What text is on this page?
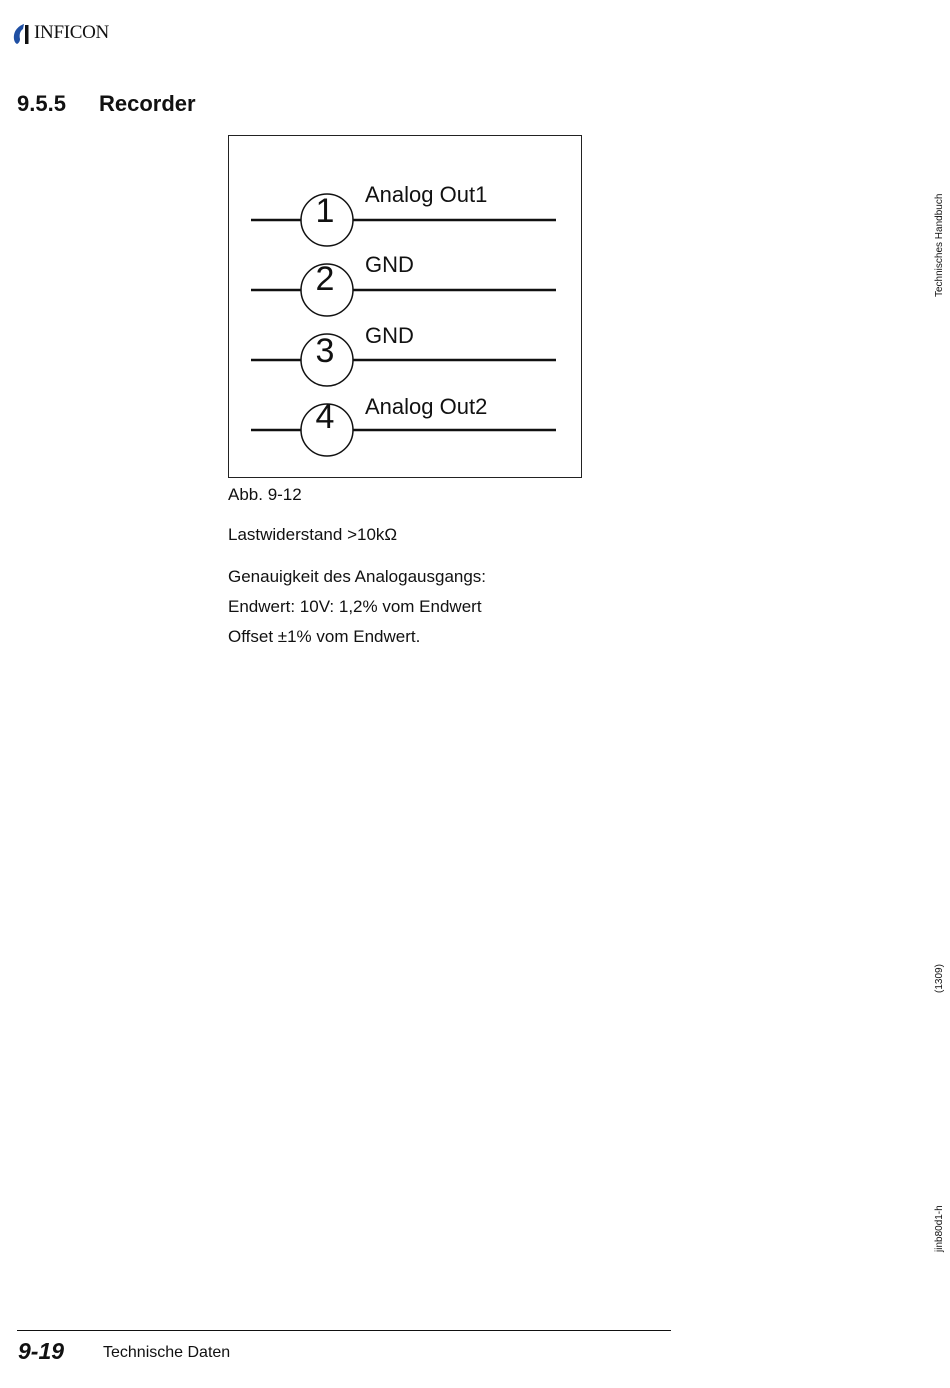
INFICON
9.5.5 Recorder
1	Analog Out1
2	GND
3	GND
4	Analog Out2
Abb. 9-12
Lastwiderstand >10kΩ
Genauigkeit des Analogausgangs:
Endwert: 10V: 1,2% vom Endwert
Offset ±1% vom Endwert.
Technisches Handbuch
(1309)
jinb80d1-h
9-19 Technische Daten
